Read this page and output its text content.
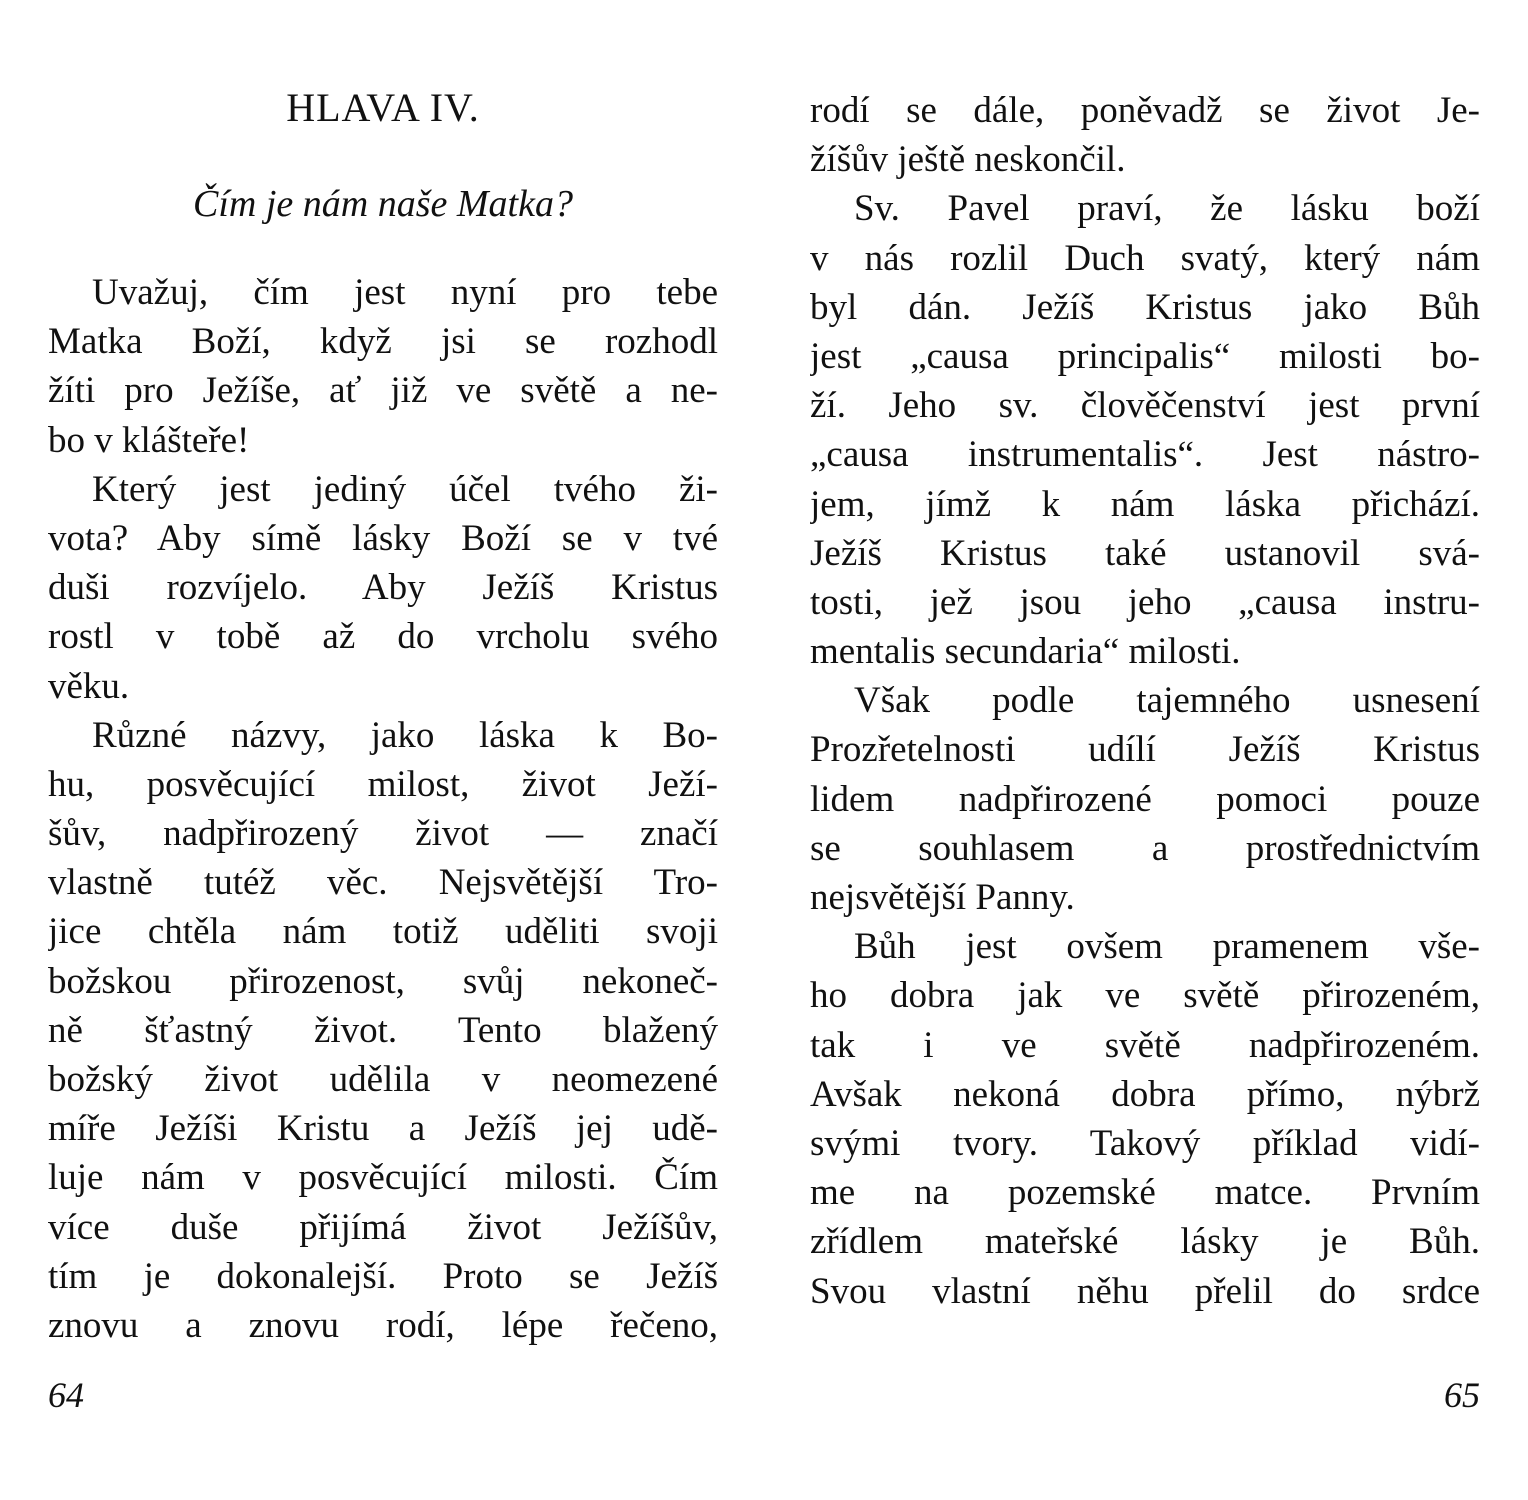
HLAVA IV.
Čím je nám naše Matka?
Uvažuj, čím jest nyní pro tebe
Matka Boží, když jsi se rozhodl
žíti pro Ježíše, ať již ve světě a ne-
bo v klášteře!
Který jest jediný účel tvého ži-
vota? Aby símě lásky Boží se v tvé
duši rozvíjelo. Aby Ježíš Kristus
rostl v tobě až do vrcholu svého
věku.
Různé názvy, jako láska k Bo-
hu, posvěcující milost, život Ježí-
šův, nadpřirozený život — značí
vlastně tutéž věc. Nejsvětější Tro-
jice chtěla nám totiž uděliti svoji
božskou přirozenost, svůj nekoneč-
ně šťastný život. Tento blažený
božský život udělila v neomezené
míře Ježíši Kristu a Ježíš jej udě-
luje nám v posvěcující milosti. Čím
více duše přijímá život Ježíšův,
tím je dokonalejší. Proto se Ježíš
znovu a znovu rodí, lépe řečeno,
64
rodí se dále, poněvadž se život Je-
žíšův ještě neskončil.
Sv. Pavel praví, že lásku boží
v nás rozlil Duch svatý, který nám
byl dán. Ježíš Kristus jako Bůh
jest „causa principalis“ milosti bo-
ží. Jeho sv. člověčenství jest první
„causa instrumentalis“. Jest nástro-
jem, jímž k nám láska přichází.
Ježíš Kristus také ustanovil svá-
tosti, jež jsou jeho „causa instru-
mentalis secundaria“ milosti.
Však podle tajemného usnesení
Prozřetelnosti udílí Ježíš Kristus
lidem nadpřirozené pomoci pouze
se souhlasem a prostřednictvím
nejsvětější Panny.
Bůh jest ovšem pramenem vše-
ho dobra jak ve světě přirozeném,
tak i ve světě nadpřirozeném.
Avšak nekoná dobra přímo, nýbrž
svými tvory. Takový příklad vidí-
me na pozemské matce. Prvním
zřídlem mateřské lásky je Bůh.
Svou vlastní něhu přelil do srdce
65
